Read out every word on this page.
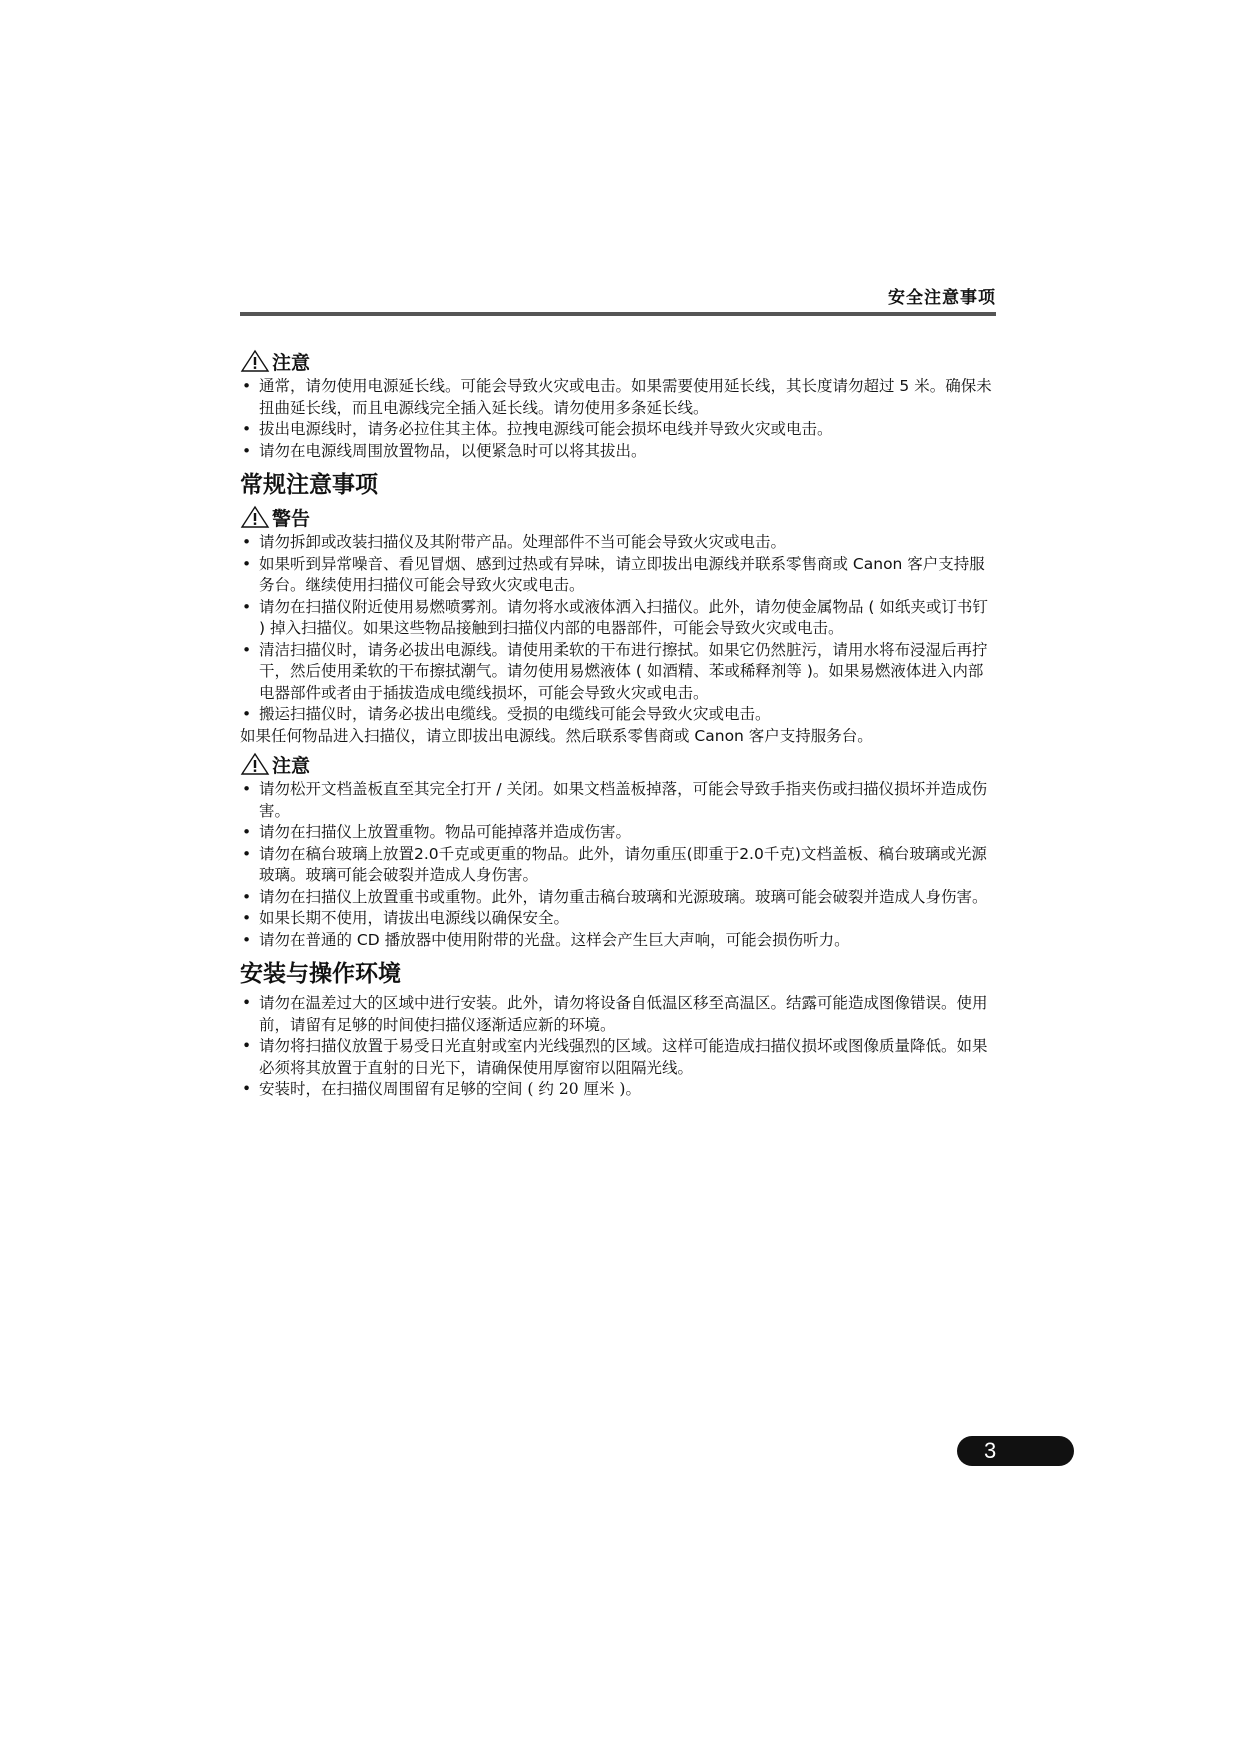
安全注意事项
注意
• 通常，请勿使用电源延长线。可能会导致火灾或电击。如果需要使用延长线，其长度请勿超过 5 米。确保未扭曲延长线，而且电源线完全插入延长线。请勿使用多条延长线。
• 拔出电源线时，请务必拉住其主体。拉拽电源线可能会损坏电线并导致火灾或电击。
• 请勿在电源线周围放置物品，以便紧急时可以将其拔出。
常规注意事项
警告
• 请勿拆卸或改装扫描仪及其附带产品。处理部件不当可能会导致火灾或电击。
• 如果听到异常噪音、看见冒烟、感到过热或有异味，请立即拔出电源线并联系零售商或 Canon 客户支持服务台。继续使用扫描仪可能会导致火灾或电击。
• 请勿在扫描仪附近使用易燃喷雾剂。请勿将水或液体洒入扫描仪。此外，请勿使金属物品 ( 如纸夹或订书钉 ) 掉入扫描仪。如果这些物品接触到扫描仪内部的电器部件，可能会导致火灾或电击。
• 清洁扫描仪时，请务必拔出电源线。请使用柔软的干布进行擦拭。如果它仍然脏污，请用水将布浸湿后再拧干，然后使用柔软的干布擦拭潮气。请勿使用易燃液体 ( 如酒精、苯或稀释剂等 )。如果易燃液体进入内部电器部件或者由于插拔造成电缆线损坏，可能会导致火灾或电击。
• 搬运扫描仪时，请务必拔出电缆线。受损的电缆线可能会导致火灾或电击。
如果任何物品进入扫描仪，请立即拔出电源线。然后联系零售商或 Canon 客户支持服务台。
注意
• 请勿松开文档盖板直至其完全打开 / 关闭。如果文档盖板掉落，可能会导致手指夹伤或扫描仪损坏并造成伤害。
• 请勿在扫描仪上放置重物。物品可能掉落并造成伤害。
• 请勿在稿台玻璃上放置2.0千克或更重的物品。此外，请勿重压(即重于2.0千克)文档盖板、稿台玻璃或光源玻璃。玻璃可能会破裂并造成人身伤害。
• 请勿在扫描仪上放置重书或重物。此外，请勿重击稿台玻璃和光源玻璃。玻璃可能会破裂并造成人身伤害。
• 如果长期不使用，请拔出电源线以确保安全。
• 请勿在普通的 CD 播放器中使用附带的光盘。这样会产生巨大声响，可能会损伤听力。
安装与操作环境
• 请勿在温差过大的区域中进行安装。此外，请勿将设备自低温区移至高温区。结露可能造成图像错误。使用前，请留有足够的时间使扫描仪逐渐适应新的环境。
• 请勿将扫描仪放置于易受日光直射或室内光线强烈的区域。这样可能造成扫描仪损坏或图像质量降低。如果必须将其放置于直射的日光下，请确保使用厚窗帘以阻隔光线。
• 安装时，在扫描仪周围留有足够的空间 ( 约 20 厘米 )。
3
